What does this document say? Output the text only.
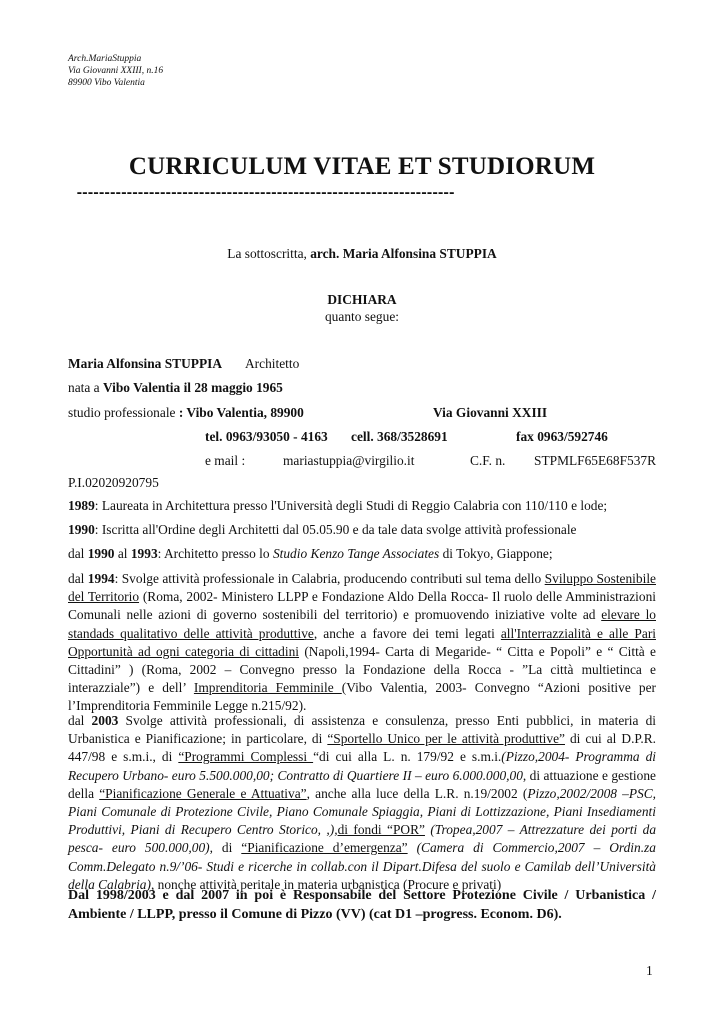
Arch.MariaStuppia
Via Giovanni XXIII, n.16
89900 Vibo Valentia
CURRICULUM VITAE ET STUDIORUM
--------------------------------------------------------------------
La sottoscritta, arch. Maria Alfonsina STUPPIA
DICHIARA
quanto segue:
Maria Alfonsina STUPPIA Architetto
nata a Vibo Valentia il 28 maggio 1965
studio professionale : Vibo Valentia, 89900	Via Giovanni XXIII
tel. 0963/93050 - 4163 cell. 368/3528691	fax 0963/592746
e mail :	mariastuppia@virgilio.it	C.F. n. STPMLF65E68F537R
P.I.02020920795
1989: Laureata in Architettura presso l'Università degli Studi di Reggio Calabria con 110/110 e lode;
1990: Iscritta all'Ordine degli Architetti dal 05.05.90 e da tale data svolge attività professionale
dal 1990 al 1993: Architetto presso lo Studio Kenzo Tange Associates di Tokyo, Giappone;
dal 1994: Svolge attività professionale in Calabria, producendo contributi sul tema dello Sviluppo Sostenibile del Territorio (Roma, 2002- Ministero LLPP e Fondazione Aldo Della Rocca- Il ruolo delle Amministrazioni Comunali nelle azioni di governo sostenibili del territorio) e promuovendo iniziative volte ad elevare lo standads qualitativo delle attività produttive, anche a favore dei temi legati all'Interrazzialità e alle Pari Opportunità ad ogni categoria di cittadini (Napoli,1994- Carta di Megaride- “ Citta e Popoli” e “ Città e Cittadini” ) (Roma, 2002 – Convegno presso la Fondazione della Rocca - ”La città multietinca e interazziale”) e dell’ Imprenditoria Femminile (Vibo Valentia, 2003- Convegno “Azioni positive per l’Imprenditoria Femminile Legge n.215/92).
dal 2003 Svolge attività professionali, di assistenza e consulenza, presso Enti pubblici, in materia di Urbanistica e Pianificazione; in particolare, di “Sportello Unico per le attività produttive” di cui al D.P.R. 447/98 e s.m.i., di “Programmi Complessi “di cui alla L. n. 179/92 e s.m.i.(Pizzo,2004- Programma di Recupero Urbano- euro 5.500.000,00; Contratto di Quartiere II – euro 6.000.000,00, di attuazione e gestione della “Pianificazione Generale e Attuativa”, anche alla luce della L.R. n.19/2002 (Pizzo,2002/2008 –PSC, Piani Comunale di Protezione Civile, Piano Comunale Spiaggia, Piani di Lottizzazione, Piani Insediamenti Produttivi, Piani di Recupero Centro Storico, ,),di fondi “POR” (Tropea,2007 – Attrezzature dei porti da pesca- euro 500.000,00), di “Pianificazione d’emergenza” (Camera di Commercio,2007 – Ordin.za Comm.Delegato n.9/’06- Studi e ricerche in collab.con il Dipart.Difesa del suolo e Camilab dell’Università della Calabria), nonche attività peritale in materia urbanistica (Procure e privati)
Dal 1998/2003 e dal 2007 in poi è Responsabile del Settore Protezione Civile / Urbanistica / Ambiente / LLPP, presso il Comune di Pizzo (VV) (cat D1 –progress. Econom. D6).
1
